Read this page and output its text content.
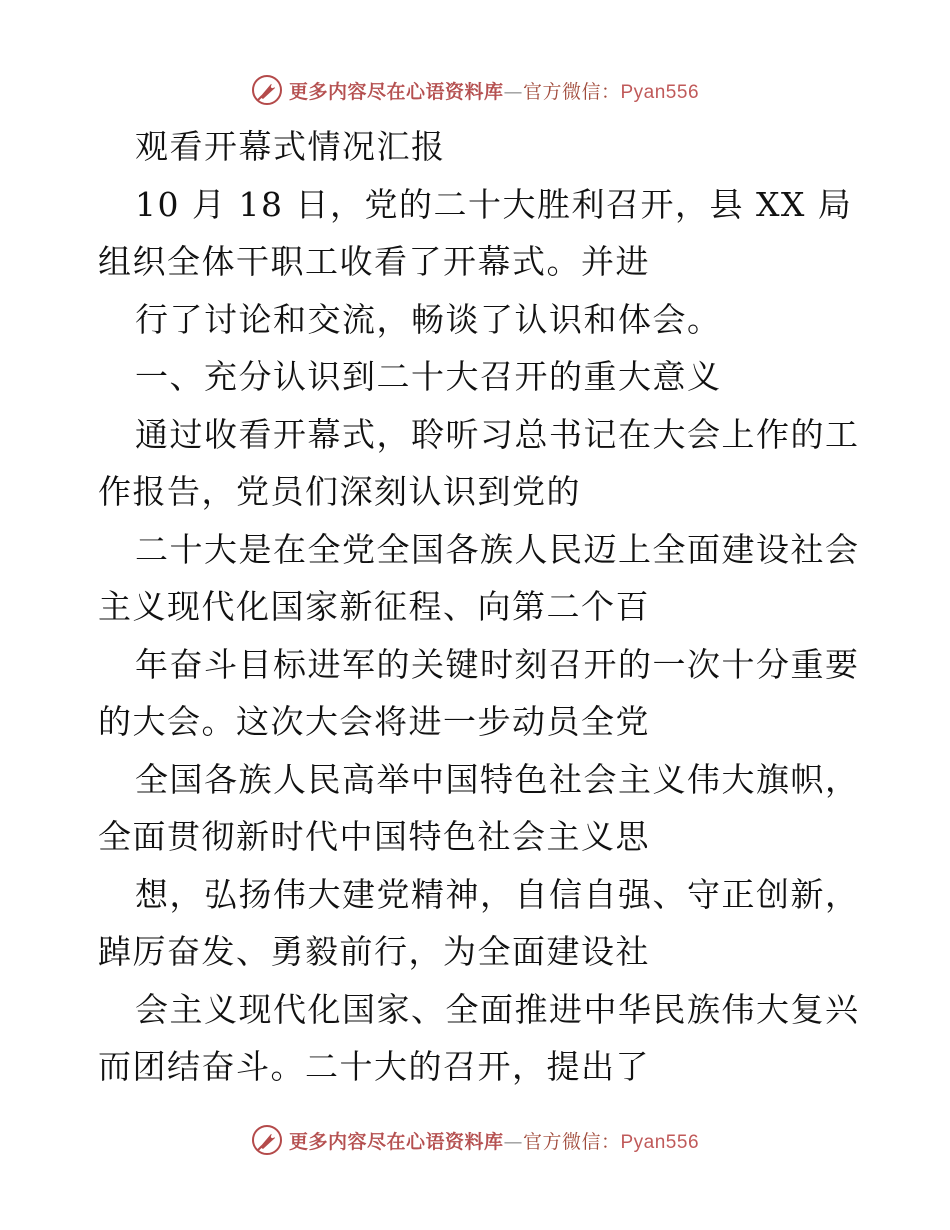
更多内容尽在心语资料库—官方微信：Pyan556
观看开幕式情况汇报
10 月 18 日，党的二十大胜利召开，县 XX 局
组织全体干职工收看了开幕式。并进
行了讨论和交流，畅谈了认识和体会。
一、充分认识到二十大召开的重大意义
通过收看开幕式，聆听习总书记在大会上作的工
作报告，党员们深刻认识到党的
二十大是在全党全国各族人民迈上全面建设社会
主义现代化国家新征程、向第二个百
年奋斗目标进军的关键时刻召开的一次十分重要
的大会。这次大会将进一步动员全党
全国各族人民高举中国特色社会主义伟大旗帜，
全面贯彻新时代中国特色社会主义思
想，弘扬伟大建党精神，自信自强、守正创新，
踔厉奋发、勇毅前行，为全面建设社
会主义现代化国家、全面推进中华民族伟大复兴
而团结奋斗。二十大的召开，提出了
更多内容尽在心语资料库—官方微信：Pyan556
